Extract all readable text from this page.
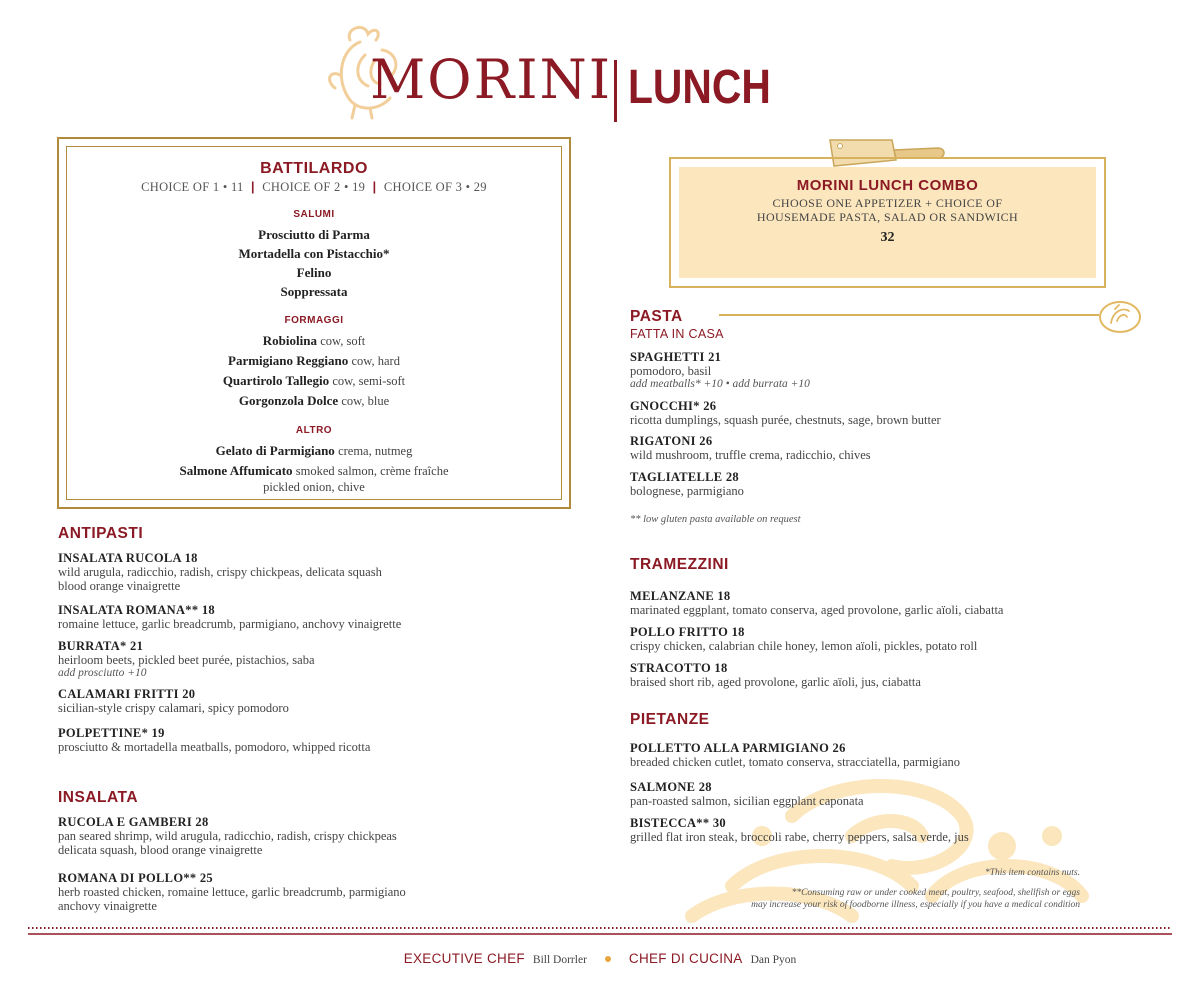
MORINI LUNCH
BATTILARDO
CHOICE OF 1 • 11 | CHOICE OF 2 • 19 | CHOICE OF 3 • 29
SALUMI
Prosciutto di Parma
Mortadella con Pistacchio*
Felino
Soppressata
FORMAGGI
Robiolina cow, soft
Parmigiano Reggiano cow, hard
Quartirolo Tallegio cow, semi-soft
Gorgonzola Dolce cow, blue
ALTRO
Gelato di Parmigiano crema, nutmeg
Salmone Affumicato smoked salmon, crème fraîche
pickled onion, chive
MORINI LUNCH COMBO
CHOOSE ONE APPETIZER + CHOICE OF
HOUSEMADE PASTA, SALAD OR SANDWICH
32
ANTIPASTI
INSALATA RUCOLA 18
wild arugula, radicchio, radish, crispy chickpeas, delicata squash
blood orange vinaigrette
INSALATA ROMANA** 18
romaine lettuce, garlic breadcrumb, parmigiano, anchovy vinaigrette
BURRATA* 21
heirloom beets, pickled beet purée, pistachios, saba
add prosciutto +10
CALAMARI FRITTI 20
sicilian-style crispy calamari, spicy pomodoro
POLPETTINE* 19
prosciutto & mortadella meatballs, pomodoro, whipped ricotta
INSALATA
RUCOLA E GAMBERI 28
pan seared shrimp, wild arugula, radicchio, radish, crispy chickpeas
delicata squash, blood orange vinaigrette
ROMANA DI POLLO** 25
herb roasted chicken, romaine lettuce, garlic breadcrumb, parmigiano
anchovy vinaigrette
PASTA
FATTA IN CASA
SPAGHETTI 21
pomodoro, basil
add meatballs* +10 • add burrata +10
GNOCCHI* 26
ricotta dumplings, squash purée, chestnuts, sage, brown butter
RIGATONI 26
wild mushroom, truffle crema, radicchio, chives
TAGLIATELLE 28
bolognese, parmigiano
** low gluten pasta available on request
TRAMEZZINI
MELANZANE 18
marinated eggplant, tomato conserva, aged provolone, garlic aïoli, ciabatta
POLLO FRITTO 18
crispy chicken, calabrian chile honey, lemon aïoli, pickles, potato roll
STRACOTTO 18
braised short rib, aged provolone, garlic aïoli, jus, ciabatta
PIETANZE
POLLETTO ALLA PARMIGIANO 26
breaded chicken cutlet, tomato conserva, stracciatella, parmigiano
SALMONE 28
pan-roasted salmon, sicilian eggplant caponata
BISTECCA** 30
grilled flat iron steak, broccoli rabe, cherry peppers, salsa verde, jus
*This item contains nuts.
**Consuming raw or under cooked meat, poultry, seafood, shellfish or eggs
may increase your risk of foodborne illness, especially if you have a medical condition
EXECUTIVE CHEF Bill Dorrler	CHEF DI CUCINA Dan Pyon
